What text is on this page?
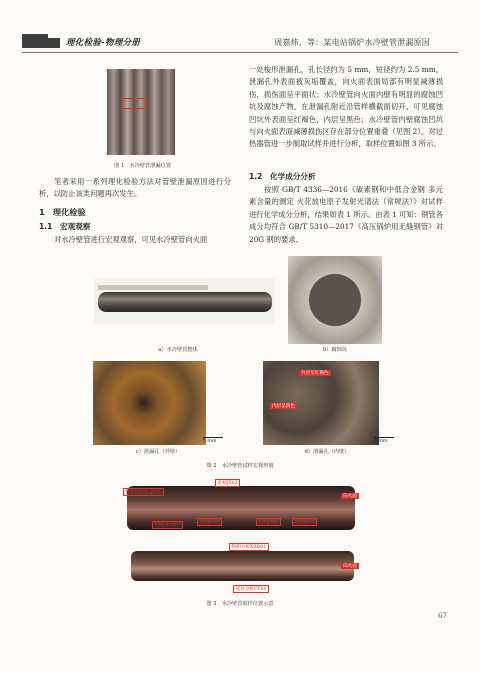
理化检验-物理分册	周嘉炜，等：某电站锅炉水冷壁管泄漏原因
图 1　水冷壁管泄漏位置
笔者采用一系列理化检验方法对管壁泄漏原因进行分析，以防止该类问题再次发生。
1　理化检验
1.1　宏观观察
对水冷壁管进行宏观观察，可见水冷壁管向火面
一处梭形泄漏孔，孔长径约为 5 mm，短径约为 2.5 mm，泄漏孔外表面被灰垢覆盖，向火面表面局部有明显减薄损伤，损伤面呈平面状；水冷壁管向火面内壁有明显的腐蚀凹坑及腐蚀产物，在泄漏孔附近沿管样横截面切开，可见腐蚀凹坑外表面呈红褐色，内层呈黑色；水冷壁管内壁腐蚀凹坑与向火面表面减薄损伤区存在部分位置重叠（见图 2）。对过热器管进一步制取试样并进行分析，取样位置如图 3 所示。
1.2　化学成分分析
按照 GB/T 4336—2016《碳素钢和中低合金钢 多元素含量的测定 火花放电原子发射光谱法（常规法）》对试样进行化学成分分析，结果如表 1 所示。由表 1 可知：钢管各成分均符合 GB/T 5310—2017《高压锅炉用无缝钢管》对 20G 钢的要求。
a）水冷壁管整体	b）腐蚀坑
外层呈红褐色
内层呈黑色
5 mm	5 mm
c）泄漏孔（外壁）	d）泄漏孔（内壁）
图 2　水冷壁管试样宏观形貌
拉伸试样SLJX01
金相JX02
向火面
电镜SEM01
金相JX01	金相JX03	金相JX04
物相分析XRD01
向火面
成分分析CF01
图 3　水冷壁管取样位置示意
67
